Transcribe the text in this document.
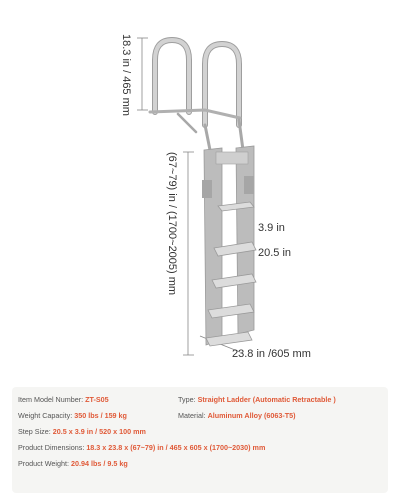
18.3 in / 465 mm
(67~79) in / (1700~2005) mm	3.9 in
20.5 in
23.8 in /605 mm
Item Model Number: ZT-S05	Type: Straight Ladder (Automatic Retractable )
Weight Capacity: 350 lbs / 159 kg	Material: Aluminum Alloy (6063-T5)
Step Size: 20.5 x 3.9 in / 520 x 100 mm
Product Dimensions: 18.3 x 23.8 x (67~79) in / 465 x 605 x (1700~2030) mm
Product Weight: 20.94 lbs / 9.5 kg
